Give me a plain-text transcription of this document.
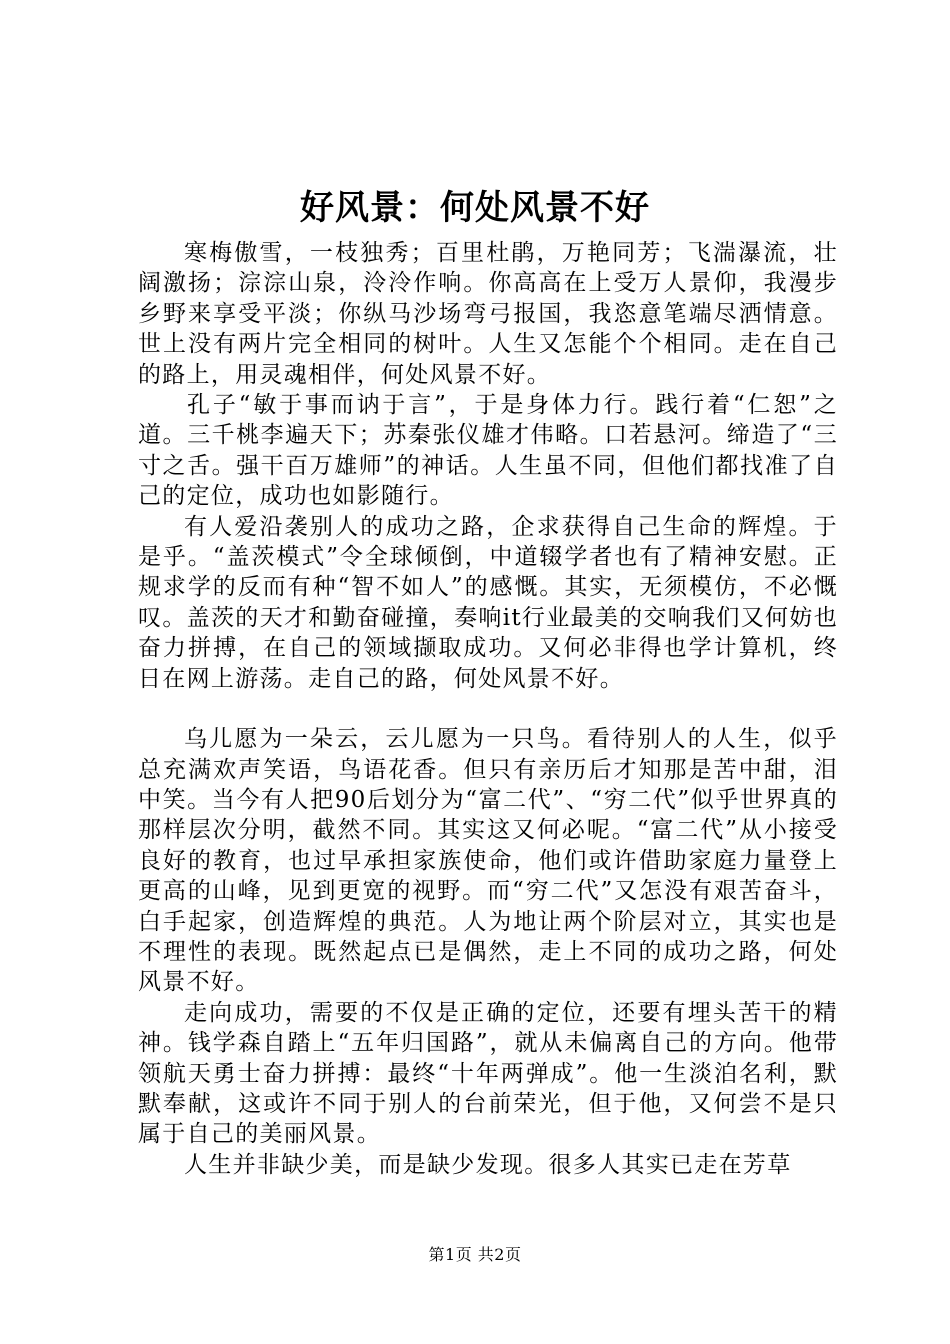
好风景：何处风景不好

寒梅傲雪，一枝独秀；百里杜鹃，万艳同芳；飞湍瀑流，壮阔激扬；淙淙山泉，泠泠作响。你高高在上受万人景仰，我漫步乡野来享受平淡；你纵马沙场弯弓报国，我恣意笔端尽洒情意。世上没有两片完全相同的树叶。人生又怎能个个相同。走在自己的路上，用灵魂相伴，何处风景不好。

孔子“敏于事而讷于言”，于是身体力行。践行着“仁恕”之道。三千桃李遍天下；苏秦张仪雄才伟略。口若悬河。缔造了“三寸之舌。强干百万雄师”的神话。人生虽不同，但他们都找准了自己的定位，成功也如影随行。

有人爱沿袭别人的成功之路，企求获得自己生命的辉煌。于是乎。“盖茨模式”令全球倾倒，中道辍学者也有了精神安慰。正规求学的反而有种“智不如人”的感慨。其实，无须模仿，不必慨叹。盖茨的天才和勤奋碰撞，奏响it行业最美的交响我们又何妨也奋力拼搏，在自己的领域撷取成功。又何必非得也学计算机，终日在网上游荡。走自己的路，何处风景不好。

乌儿愿为一朵云，云儿愿为一只鸟。看待别人的人生，似乎总充满欢声笑语，鸟语花香。但只有亲历后才知那是苦中甜，泪中笑。当今有人把90后划分为“富二代”、“穷二代”似乎世界真的那样层次分明，截然不同。其实这又何必呢。“富二代”从小接受良好的教育，也过早承担家族使命，他们或许借助家庭力量登上更高的山峰，见到更宽的视野。而“穷二代”又怎没有艰苦奋斗，白手起家，创造辉煌的典范。人为地让两个阶层对立，其实也是不理性的表现。既然起点已是偶然，走上不同的成功之路，何处风景不好。

走向成功，需要的不仅是正确的定位，还要有埋头苦干的精神。钱学森自踏上“五年归国路”，就从未偏离自己的方向。他带领航天勇士奋力拼搏：最终“十年两弹成”。他一生淡泊名利，默默奉献，这或许不同于别人的台前荣光，但于他，又何尝不是只属于自己的美丽风景。

人生并非缺少美，而是缺少发现。很多人其实已走在芳草

第1页 共2页
